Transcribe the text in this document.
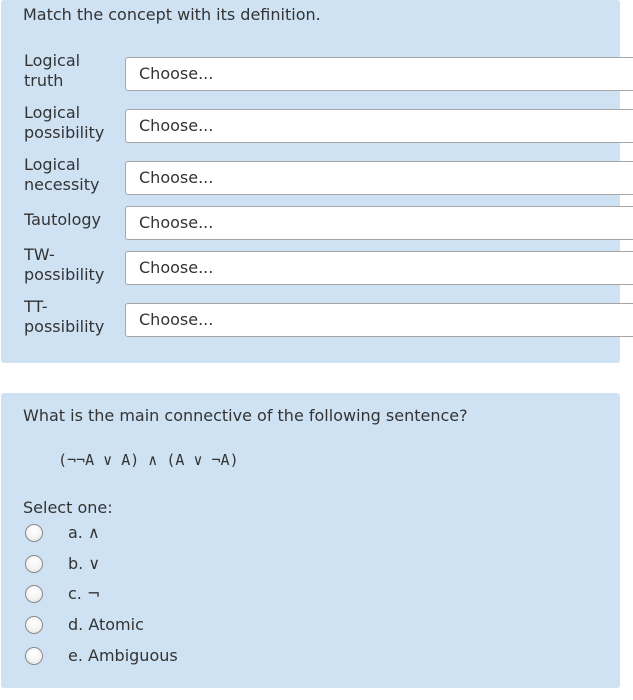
Match the concept with its definition.
Logical truth	Choose...
Logical possibility	Choose...
Logical necessity	Choose...
Tautology	Choose...
TW- possibility	Choose...
TT- possibility	Choose...
What is the main connective of the following sentence?
(¬¬A ∨ A) ∧ (A ∨ ¬A)
Select one:
a. ∧
b. ∨
c. ¬
d. Atomic
e. Ambiguous
